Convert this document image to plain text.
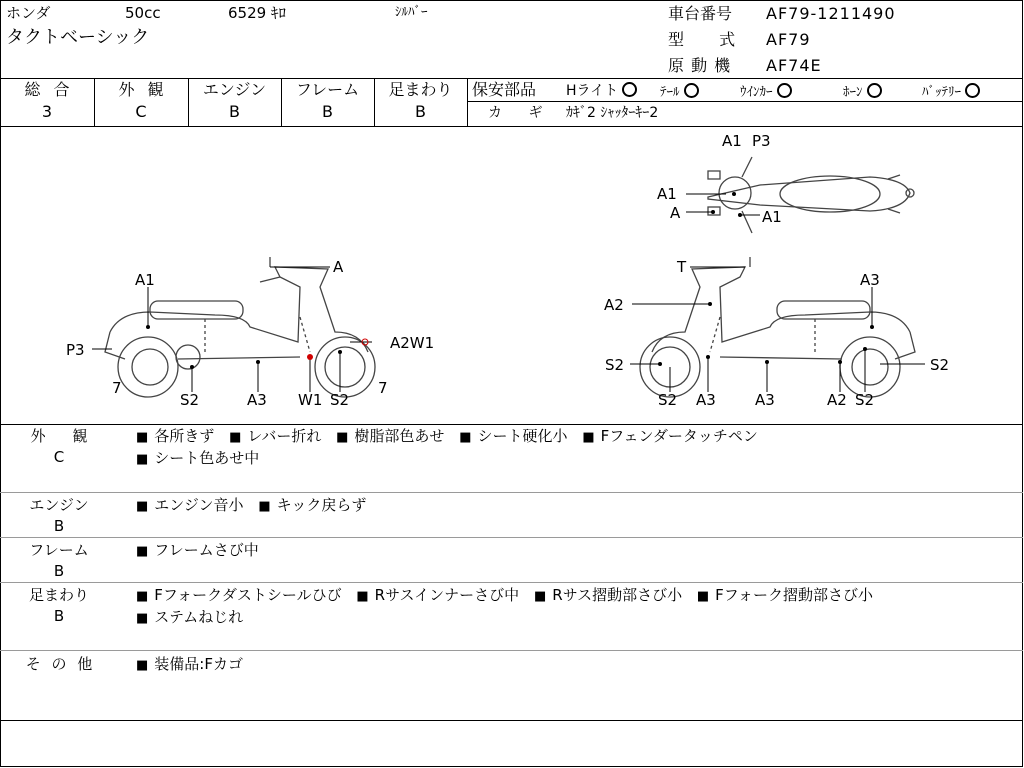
ホンダ	50cc	6529 ｷﾛ	ｼﾙﾊﾞｰ
タクトベーシック
車台番号 AF79-1211490
型 式 AF79
原 動 機 AF74E
総 合
3
外 観
C
エンジン
B
フレーム
B
足まわり
B
保安部品 Hライト	ﾃｰﾙ	ｳｲﾝｶｰ	ﾎｰﾝ	ﾊﾞｯﾃﾘｰ
カ ギ ｶｷﾞ2 ｼｬｯﾀｰｷｰ2
A1 P3
A1
A	A1
A1
A
P3
7
A2W1
S2	A3 W1 S2
7
T
A2
A3
S2	S2
S2 A3	A3	A2 S2
外 観
C
■ 各所きず ■ レバー折れ ■ 樹脂部色あせ ■ シート硬化小 ■ Fフェンダータッチペン
■ シート色あせ中
エンジン
B
■ エンジン音小 ■ キック戻らず
フレーム
B
■ フレームさび中
足まわり
B
■ Fフォークダストシールひび ■ Rサスインナーさび中 ■ Rサス摺動部さび小 ■ Fフォーク摺動部さび小
■ ステムねじれ
そ の 他	■ 装備品:Fカゴ
